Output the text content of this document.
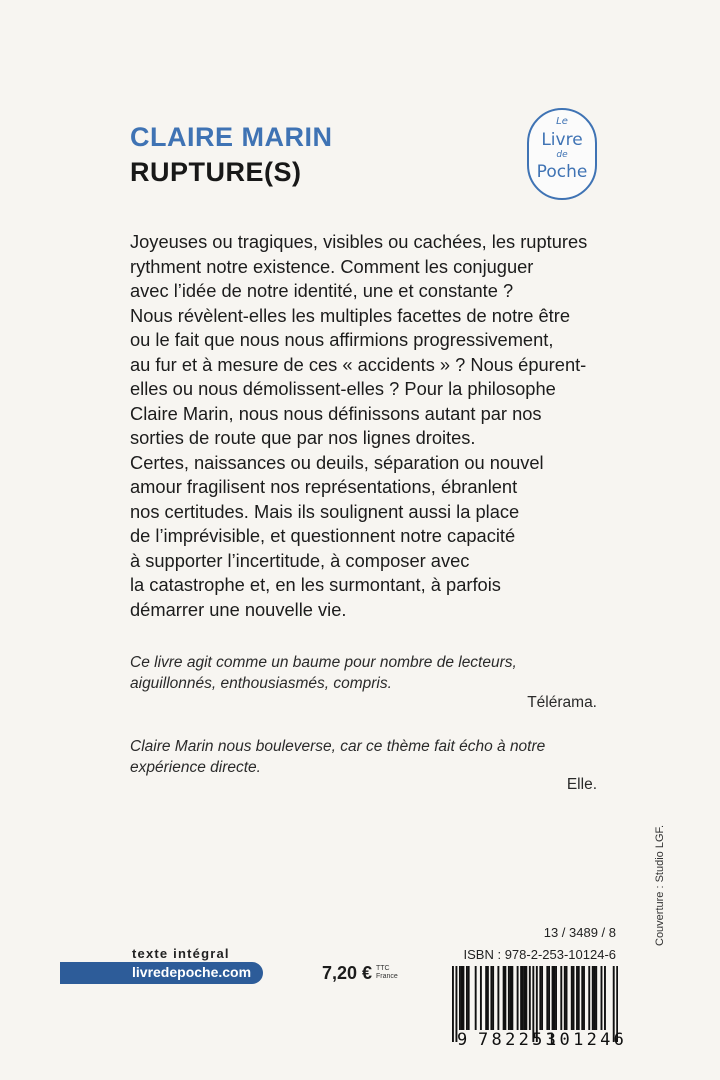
CLAIRE MARIN
RUPTURE(S)
Le
Livre
de
Poche
Joyeuses ou tragiques, visibles ou cachées, les ruptures
rythment notre existence. Comment les conjuguer
avec l’idée de notre identité, une et constante ?
Nous révèlent-elles les multiples facettes de notre être
ou le fait que nous nous affirmions progressivement,
au fur et à mesure de ces « accidents » ? Nous épurent-
elles ou nous démolissent-elles ? Pour la philosophe
Claire Marin, nous nous définissons autant par nos
sorties de route que par nos lignes droites.
Certes, naissances ou deuils, séparation ou nouvel
amour fragilisent nos représentations, ébranlent
nos certitudes. Mais ils soulignent aussi la place
de l’imprévisible, et questionnent notre capacité
à supporter l’incertitude, à composer avec
la catastrophe et, en les surmontant, à parfois
démarrer une nouvelle vie.
Ce livre agit comme un baume pour nombre de lecteurs,
aiguillonnés, enthousiasmés, compris.
Télérama.
Claire Marin nous bouleverse, car ce thème fait écho à notre
expérience directe.
Elle.
Couverture : Studio LGF.
texte intégral
livredepoche.com	7,20 € TTC
France
13 / 3489 / 8
ISBN : 978-2-253-10124-6
9 782253
101246
